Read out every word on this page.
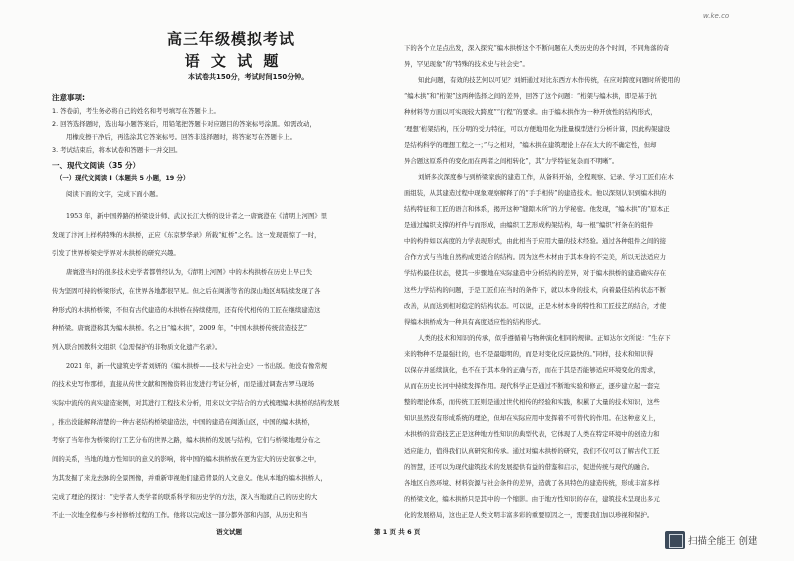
w.ke.co
高三年级模拟考试
语 文 试 题
本试卷共150分，考试时间150分钟。
注意事项:
1. 答卷前，考生务必将自己的姓名和考号填写在答题卡上。
2. 回答选择题时，选出每小题答案后，用铅笔把答题卡对应题目的答案标号涂黑。如需改动，
用橡皮擦干净后，再选涂其它答案标号。回答非选择题时，将答案写在答题卡上。
3. 考试结束后，将本试卷和答题卡一并交回。
一、现代文阅读（35 分）
（一）现代文阅读 I（本题共 5 小题，19 分）
阅读下面的文字，完成下面小题。
1953 年，新中国养路的桥梁设计师、武汉长江大桥的设计者之一唐寰澄在《清明上河图》里
发现了汴河上样构特殊的木拱桥，正应《东京梦华录》所载“虹桥”之名。这一发现震惊了一时，
引发了世界桥梁史学界对木拱桥的研究兴趣。
唐寰澄当时的很多技术史学者都曾经认为，《清明上河图》中的木构拱桥在历史上早已失
传为坚固可持的桥梁形式，在世界各地都很罕见。但之后在闽浙等省的深山地区却陆续发现了各
种形式的木拱桥桥梁，不但有古代建造的木拱桥在持续使用，还有传代相传的工匠在继续建造这
种桥梁。唐寰澄称其为编木拱桥。名之日“编木拱”，2009 年，“中国木拱桥传统营造技艺”
列入联合国教科文组织《急需保护的非物质文化遗产名录》。
2021 年，新一代建筑史学者刘妍的《编木拱桥——技术与社会史》一书出版。他没有像常规
的技术史写作那样，直接从传世文献和图像资料出发进行考证分析，而是通过调查古罗马现场
实际中流传的真实建造案例，对其进行工程技术分析，用来以文字结合的方式梳理编木拱桥的结构发展
，推出没能解释清楚的一种古老结构桥梁建造法，中国的建造在闽浙山区，中国的编木拱桥，
考察了当年作为桥梁的行工艺分布的世界之路，编木拱桥的发展与结构，它们与桥梁地理分布之
间的关系，当地的地方性知识的意义的影响，将中国的编木拱桥放在更为宏大的历史叙事之中，
为其发掘了来龙去脉的全景图像，并重新审视他们建造背景的人文意义。他从本地的编木拱桥人，
完成了理论的探讨：“史学者人类学者的联系科学和历史学的方法，深入当地就自己的历史的大
不止一次地全程参与乡村修桥过程的工作。他将以完成这一部分都外部和内部，从历史和当
下的各个立足点出发，深入探究“编木拱桥这个不断问题在人类历史的各个时间，不同角落的奇
异，罕见现象”的“特殊的技术史与社会史”。
知此问题，有效的技艺何以可见？刘妍通过对比东西方木作传统，在应对跨度问题时所使用的
“编木拱”和“桁架”这两种选择之间的差异，回答了这个问题：“桁架与编木拱，即是基于抗
种材料等方面以可实现较大跨度”“行程”的要求。由于编木拱作为一种开放性的结构形式，
‘理想’桁架结构，压分明的受力特征，可以方便地用化为批量模型进行分析计算，因此构架建设
是结构科学的理想工程之一；”与之相对，“编木拱在建筑理论上存在太大的不确定性，但却
异合题这原系件的变化而在两者之间相转化”，其“力学特征复杂而不明晰”。
刘妍多次深度参与到桥梁家族的建造工作，从备料开始，全程观察、记录、学习工匠们在木
面组装，从其建造过程中现象观察解释了的“手手相传”的建造技术。他以深刻认识到编木拱的
结构特征和工匠的语言和体系，揭开这种“缝隙木所”的力学秘密。他发现，“编木拱”的“原本正
是通过编织支撑的杆件与而形成，由编织工艺形成构架结构，每一根“编织”杆条在的组件
中的构件如以高度的力学表现形式，由此相当于应用大量的技术经验。通过各种组件之间的接
合作方式与当地自然构成更适合的结构。因为这些木材由于其本身的不完美，所以无法适应力
学结构最佳状态，使其一步骤地在实际建造中分析结构的差异，对于编木拱桥的建造确实存在
这些力学结构的问题，于是工匠们在当时的条件下，就以本身的技术，向着最佳结构状态不断
改善，从而达到相对稳定的结构状态。可以说，正是木材本身的特性和工匠技艺的结合，才使
得编木拱桥成为一种具有高度适应性的结构形式。
人类的技术和知识的传承，似乎遵循着与物种演化相同的规律。正如达尔文所说：“生存下
来的物种不是最强壮的，也不是最聪明的，而是对变化反应最快的。”同样，技术和知识得
以保存并延续演化，也不在于其本身的正确与否，而在于其是否能够适应环境变化的需求，
从而在历史长河中持续发挥作用。现代科学正是通过不断地实验和修正，逐步建立起一套完
整的理论体系，而传统工匠则是通过世代相传的经验和实践，积累了大量的技术知识，这些
知识虽然没有形成系统的理论，但却在实际应用中发挥着不可替代的作用。在这种意义上，
木拱桥的营造技艺正是这种地方性知识的典型代表，它体现了人类在特定环境中的创造力和
适应能力，值得我们认真研究和传承。通过对编木拱桥的研究，我们不仅可以了解古代工匠
的智慧，还可以为现代建筑技术的发展提供有益的借鉴和启示，促进传统与现代的融合。
各地区自然环境、材料资源与社会条件的差异，造就了各具特色的建造传统，形成丰富多样
的桥梁文化，编木拱桥只是其中的一个缩影。由于地方性知识的存在，建筑技术呈现出多元
化的发展格局，这也正是人类文明丰富多彩的重要原因之一，需要我们加以珍视和保护。
语文试题	第 1 页 共 6 页
扫描全能王 创建
